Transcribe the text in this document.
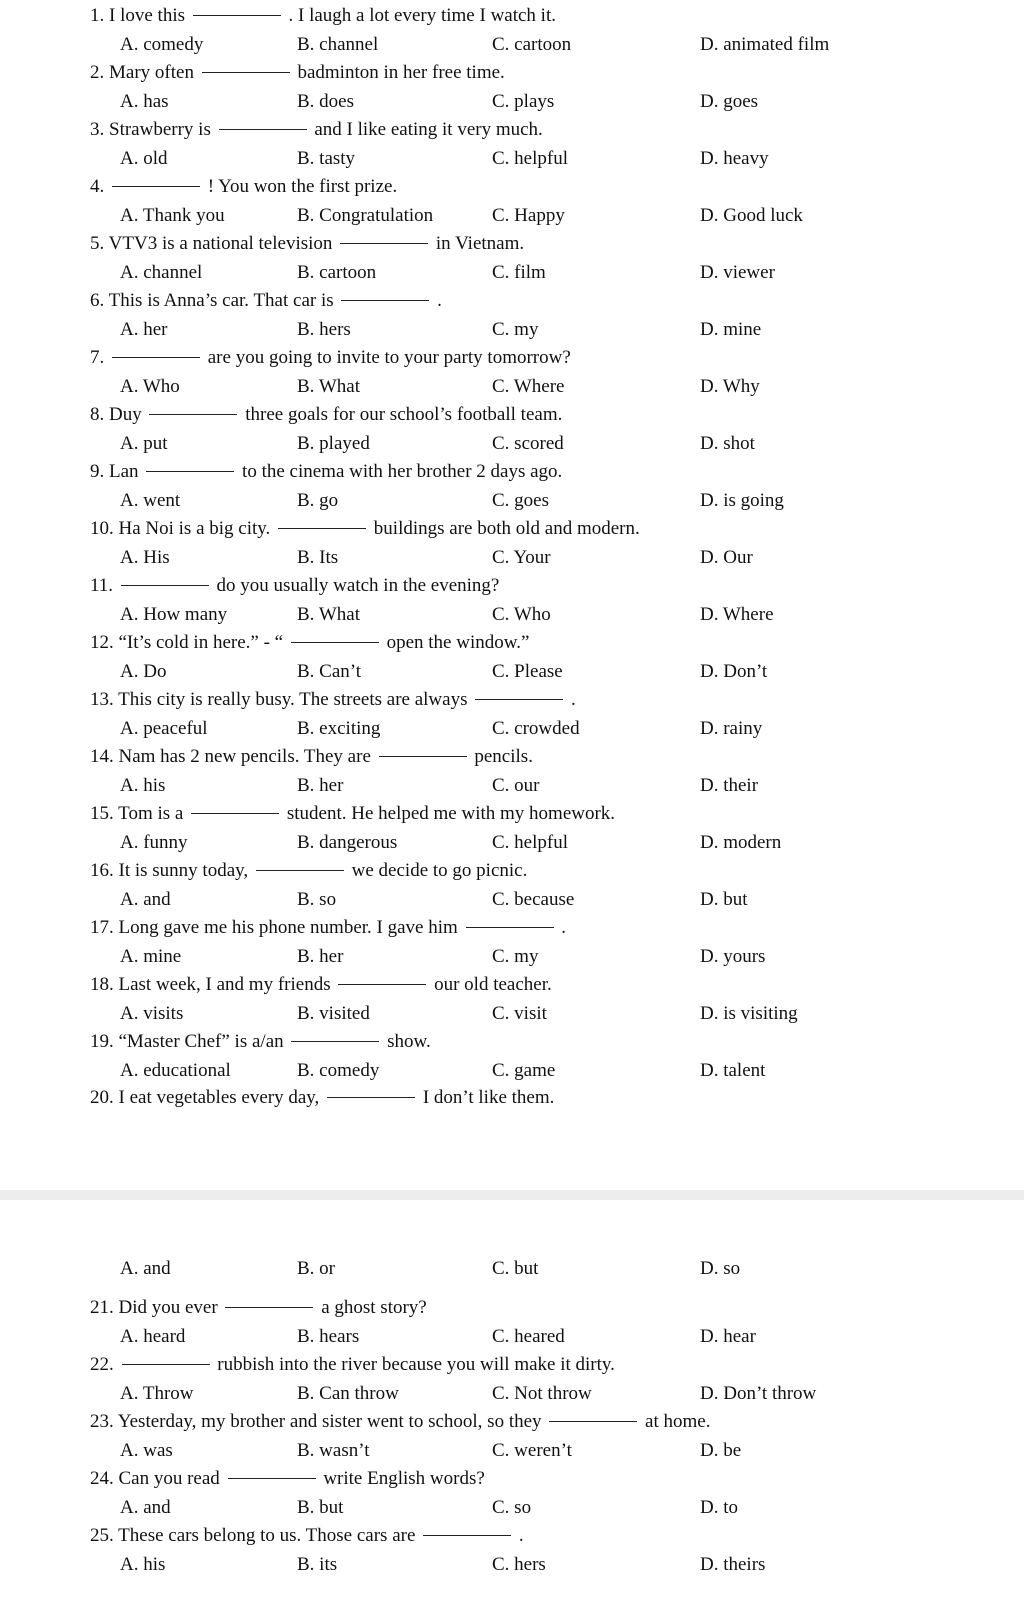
1. I love this	. I laugh a lot every time I watch it.
A. comedy	B. channel	C. cartoon	D. animated film
2. Mary often	badminton in her free time.
A. has	B. does	C. plays	D. goes
3. Strawberry is	and I like eating it very much.
A. old	B. tasty	C. helpful	D. heavy
4.	! You won the first prize.
A. Thank you	B. Congratulation	C. Happy	D. Good luck
5. VTV3 is a national television	in Vietnam.
A. channel	B. cartoon	C. film	D. viewer
6. This is Anna’s car. That car is	.
A. her	B. hers	C. my	D. mine
7.	are you going to invite to your party tomorrow?
A. Who	B. What	C. Where	D. Why
8. Duy	three goals for our school’s football team.
A. put	B. played	C. scored	D. shot
9. Lan	to the cinema with her brother 2 days ago.
A. went	B. go	C. goes	D. is going
10. Ha Noi is a big city.	buildings are both old and modern.
A. His	B. Its	C. Your	D. Our
11.	do you usually watch in the evening?
A. How many	B. What	C. Who	D. Where
12. “It’s cold in here.” - “	open the window.”
A. Do	B. Can’t	C. Please	D. Don’t
13. This city is really busy. The streets are always	.
A. peaceful	B. exciting	C. crowded	D. rainy
14. Nam has 2 new pencils. They are	pencils.
A. his	B. her	C. our	D. their
15. Tom is a	student. He helped me with my homework.
A. funny	B. dangerous	C. helpful	D. modern
16. It is sunny today,	we decide to go picnic.
A. and	B. so	C. because	D. but
17. Long gave me his phone number. I gave him	.
A. mine	B. her	C. my	D. yours
18. Last week, I and my friends	our old teacher.
A. visits	B. visited	C. visit	D. is visiting
19. “Master Chef” is a/an	show.
A. educational	B. comedy	C. game	D. talent
20. I eat vegetables every day,	I don’t like them.
A. and	B. or	C. but	D. so
21. Did you ever	a ghost story?
A. heard	B. hears	C. heared	D. hear
22.	rubbish into the river because you will make it dirty.
A. Throw	B. Can throw	C. Not throw	D. Don’t throw
23. Yesterday, my brother and sister went to school, so they	at home.
A. was	B. wasn’t	C. weren’t	D. be
24. Can you read	write English words?
A. and	B. but	C. so	D. to
25. These cars belong to us. Those cars are	.
A. his	B. its	C. hers	D. theirs
